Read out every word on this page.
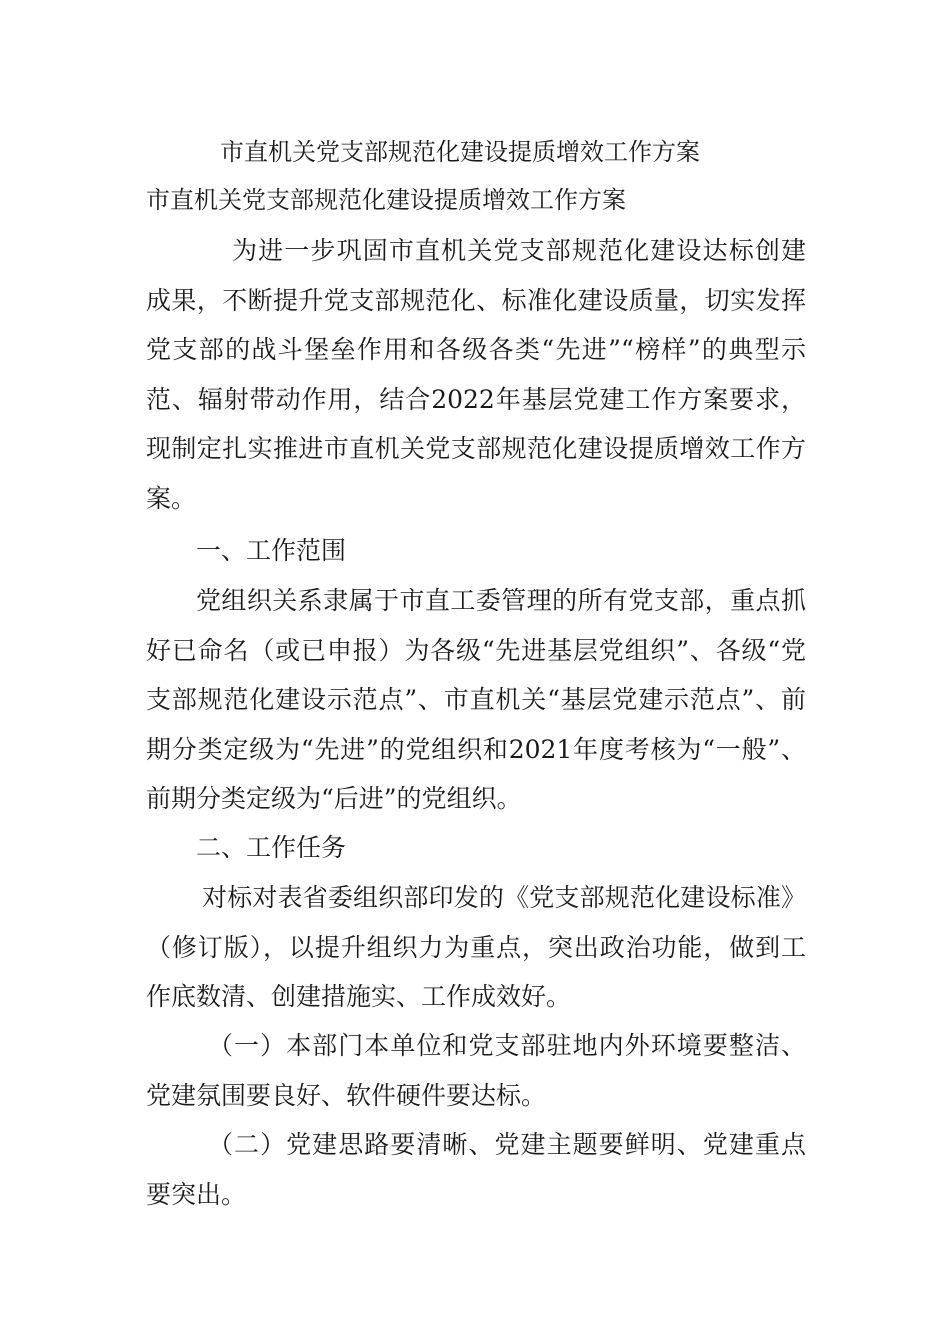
市直机关党支部规范化建设提质增效工作方案
市直机关党支部规范化建设提质增效工作方案

为进一步巩固市直机关党支部规范化建设达标创建成果，不断提升党支部规范化、标准化建设质量，切实发挥党支部的战斗堡垒作用和各级各类“先进”“榜样”的典型示范、辐射带动作用，结合2022年基层党建工作方案要求，现制定扎实推进市直机关党支部规范化建设提质增效工作方案。

一、工作范围

党组织关系隶属于市直工委管理的所有党支部，重点抓好已命名（或已申报）为各级“先进基层党组织”、各级“党支部规范化建设示范点”、市直机关“基层党建示范点”、前期分类定级为“先进”的党组织和2021年度考核为“一般”、前期分类定级为“后进”的党组织。

二、工作任务

对标对表省委组织部印发的《党支部规范化建设标准》（修订版），以提升组织力为重点，突出政治功能，做到工作底数清、创建措施实、工作成效好。

（一）本部门本单位和党支部驻地内外环境要整洁、党建氛围要良好、软件硬件要达标。

（二）党建思路要清晰、党建主题要鲜明、党建重点要突出。
